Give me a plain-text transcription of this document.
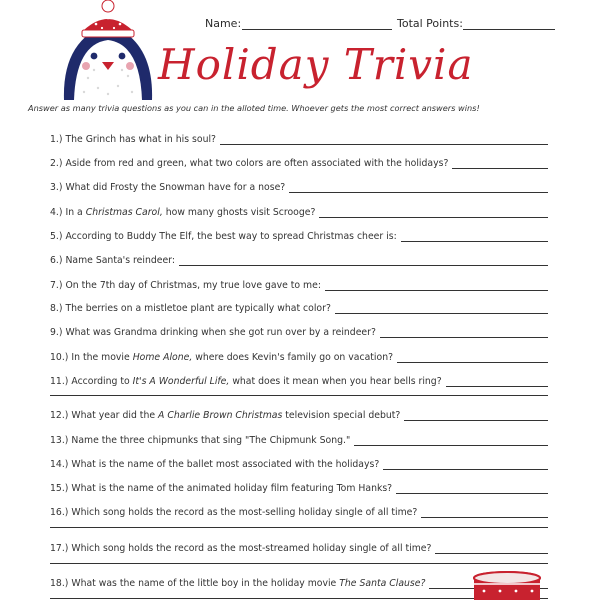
Name:	Total Points:
Holiday Trivia
Answer as many trivia questions as you can in the alloted time. Whoever gets the most correct answers wins!
1.) The Grinch has what in his soul?
2.) Aside from red and green, what two colors are often associated with the holidays?
3.) What did Frosty the Snowman have for a nose?
4.) In a Christmas Carol, how many ghosts visit Scrooge?
5.) According to Buddy The Elf, the best way to spread Christmas cheer is:
6.) Name Santa's reindeer:
7.) On the 7th day of Christmas, my true love gave to me:
8.) The berries on a mistletoe plant are typically what color?
9.) What was Grandma drinking when she got run over by a reindeer?
10.) In the movie Home Alone, where does Kevin's family go on vacation?
11.) According to It's A Wonderful Life, what does it mean when you hear bells ring?
12.) What year did the A Charlie Brown Christmas television special debut?
13.) Name the three chipmunks that sing "The Chipmunk Song."
14.) What is the name of the ballet most associated with the holidays?
15.) What is the name of the animated holiday film featuring Tom Hanks?
16.) Which song holds the record as the most-selling holiday single of all time?
17.) Which song holds the record as the most-streamed holiday single of all time?
18.) What was the name of the little boy in the holiday movie The Santa Clause?
